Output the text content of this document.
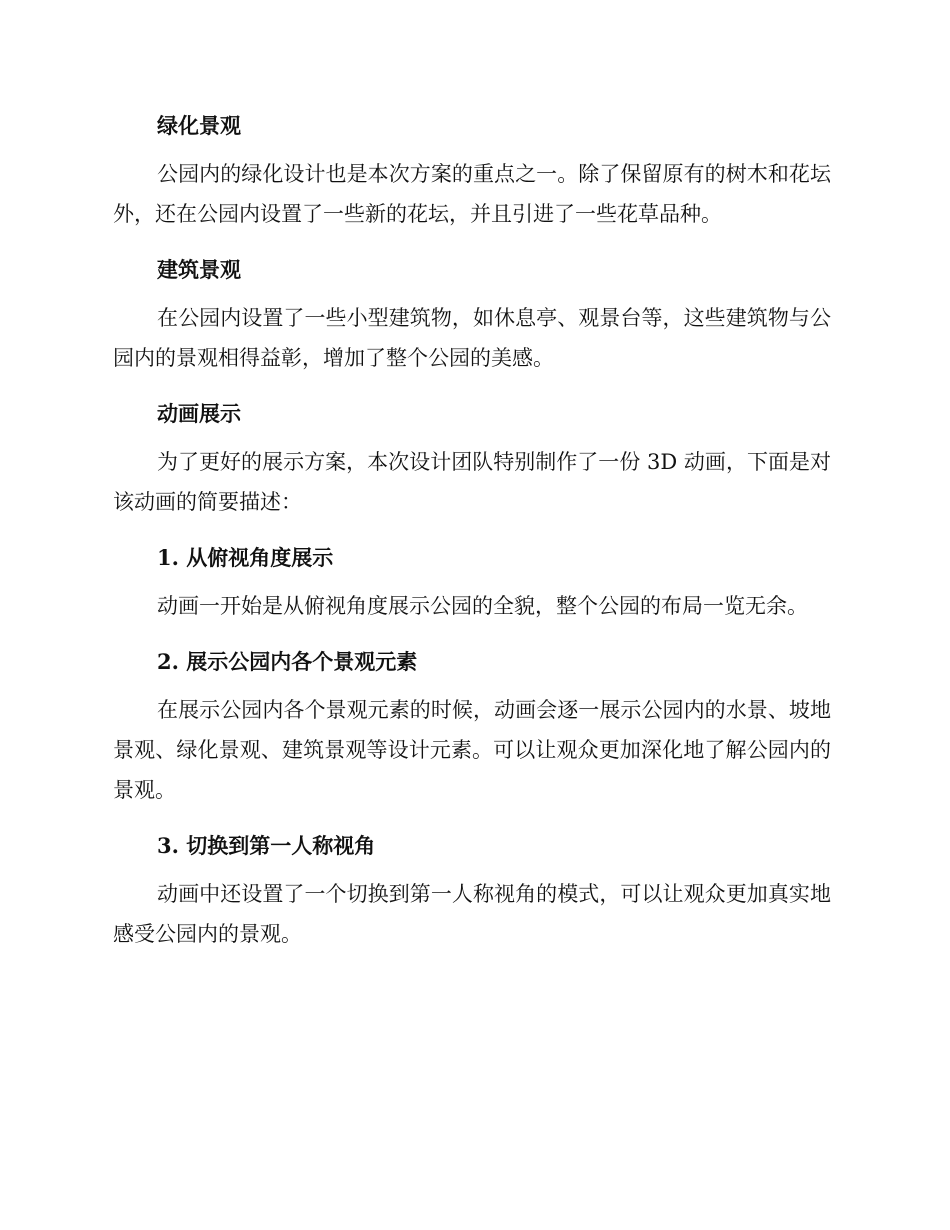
绿化景观
公园内的绿化设计也是本次方案的重点之一。除了保留原有的树木和花坛外，还在公园内设置了一些新的花坛，并且引进了一些花草品种。
建筑景观
在公园内设置了一些小型建筑物，如休息亭、观景台等，这些建筑物与公园内的景观相得益彰，增加了整个公园的美感。
动画展示
为了更好的展示方案，本次设计团队特别制作了一份 3D 动画，下面是对该动画的简要描述：
1. 从俯视角度展示
动画一开始是从俯视角度展示公园的全貌，整个公园的布局一览无余。
2. 展示公园内各个景观元素
在展示公园内各个景观元素的时候，动画会逐一展示公园内的水景、坡地景观、绿化景观、建筑景观等设计元素。可以让观众更加深化地了解公园内的景观。
3. 切换到第一人称视角
动画中还设置了一个切换到第一人称视角的模式，可以让观众更加真实地感受公园内的景观。
